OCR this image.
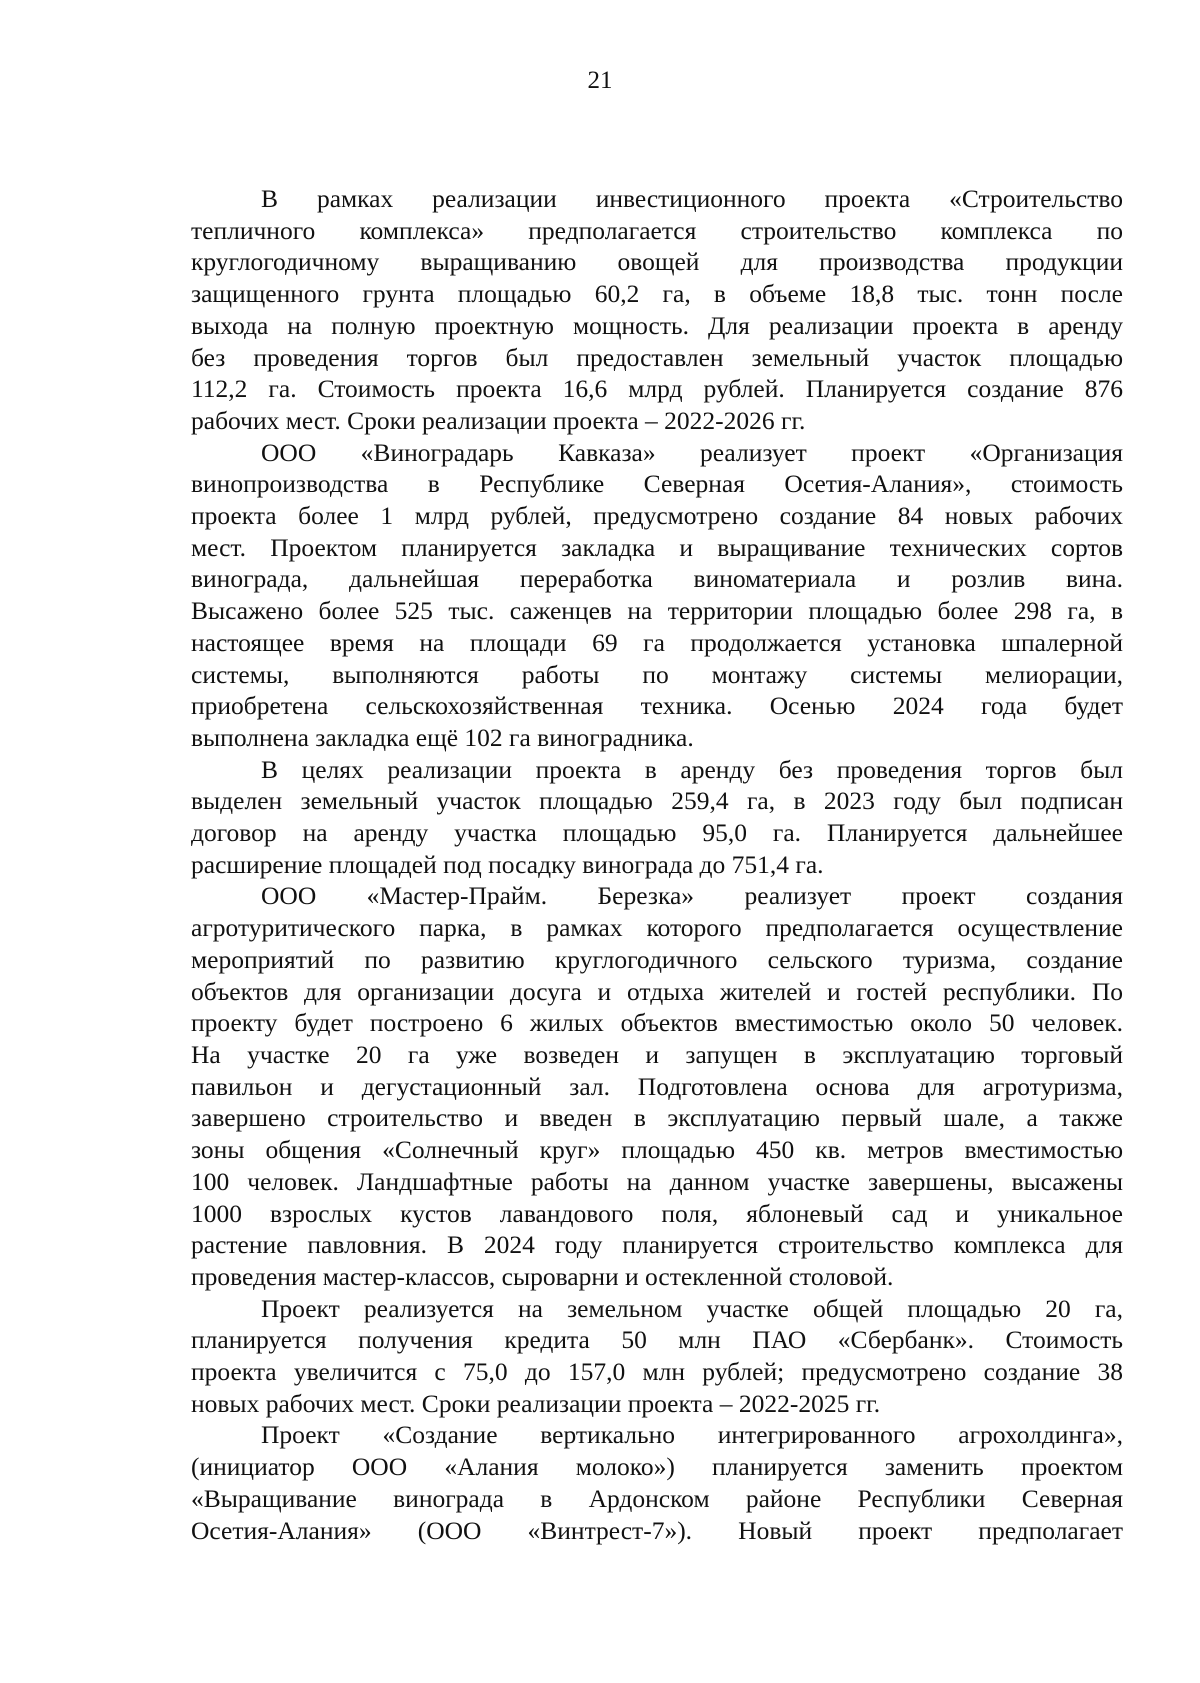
21
В рамках реализации инвестиционного проекта «Строительство
тепличного комплекса» предполагается строительство комплекса по
круглогодичному выращиванию овощей для производства продукции
защищенного грунта площадью 60,2 га, в объеме 18,8 тыс. тонн после
выхода на полную проектную мощность. Для реализации проекта в аренду
без проведения торгов был предоставлен земельный участок площадью
112,2 га. Стоимость проекта 16,6 млрд рублей. Планируется создание 876
рабочих мест. Сроки реализации проекта – 2022-2026 гг.
ООО «Виноградарь Кавказа» реализует проект «Организация
винопроизводства в Республике Северная Осетия-Алания», стоимость
проекта более 1 млрд рублей, предусмотрено создание 84 новых рабочих
мест. Проектом планируется закладка и выращивание технических сортов
винограда, дальнейшая переработка виноматериала и розлив вина.
Высажено более 525 тыс. саженцев на территории площадью более 298 га, в
настоящее время на площади 69 га продолжается установка шпалерной
системы, выполняются работы по монтажу системы мелиорации,
приобретена сельскохозяйственная техника. Осенью 2024 года будет
выполнена закладка ещё 102 га виноградника.
В целях реализации проекта в аренду без проведения торгов был
выделен земельный участок площадью 259,4 га, в 2023 году был подписан
договор на аренду участка площадью 95,0 га. Планируется дальнейшее
расширение площадей под посадку винограда до 751,4 га.
ООО «Мастер-Прайм. Березка» реализует проект создания
агротуритического парка, в рамках которого предполагается осуществление
мероприятий по развитию круглогодичного сельского туризма, создание
объектов для организации досуга и отдыха жителей и гостей республики. По
проекту будет построено 6 жилых объектов вместимостью около 50 человек.
На участке 20 га уже возведен и запущен в эксплуатацию торговый
павильон и дегустационный зал. Подготовлена основа для агротуризма,
завершено строительство и введен в эксплуатацию первый шале, а также
зоны общения «Солнечный круг» площадью 450 кв. метров вместимостью
100 человек. Ландшафтные работы на данном участке завершены, высажены
1000 взрослых кустов лавандового поля, яблоневый сад и уникальное
растение павловния. В 2024 году планируется строительство комплекса для
проведения мастер-классов, сыроварни и остекленной столовой.
Проект реализуется на земельном участке общей площадью 20 га,
планируется получения кредита 50 млн ПАО «Сбербанк». Стоимость
проекта увеличится с 75,0 до 157,0 млн рублей; предусмотрено создание 38
новых рабочих мест. Сроки реализации проекта – 2022-2025 гг.
Проект «Создание вертикально интегрированного агрохолдинга»,
(инициатор ООО «Алания молоко») планируется заменить проектом
«Выращивание винограда в Ардонском районе Республики Северная
Осетия-Алания» (ООО «Винтрест-7»). Новый проект предполагает
